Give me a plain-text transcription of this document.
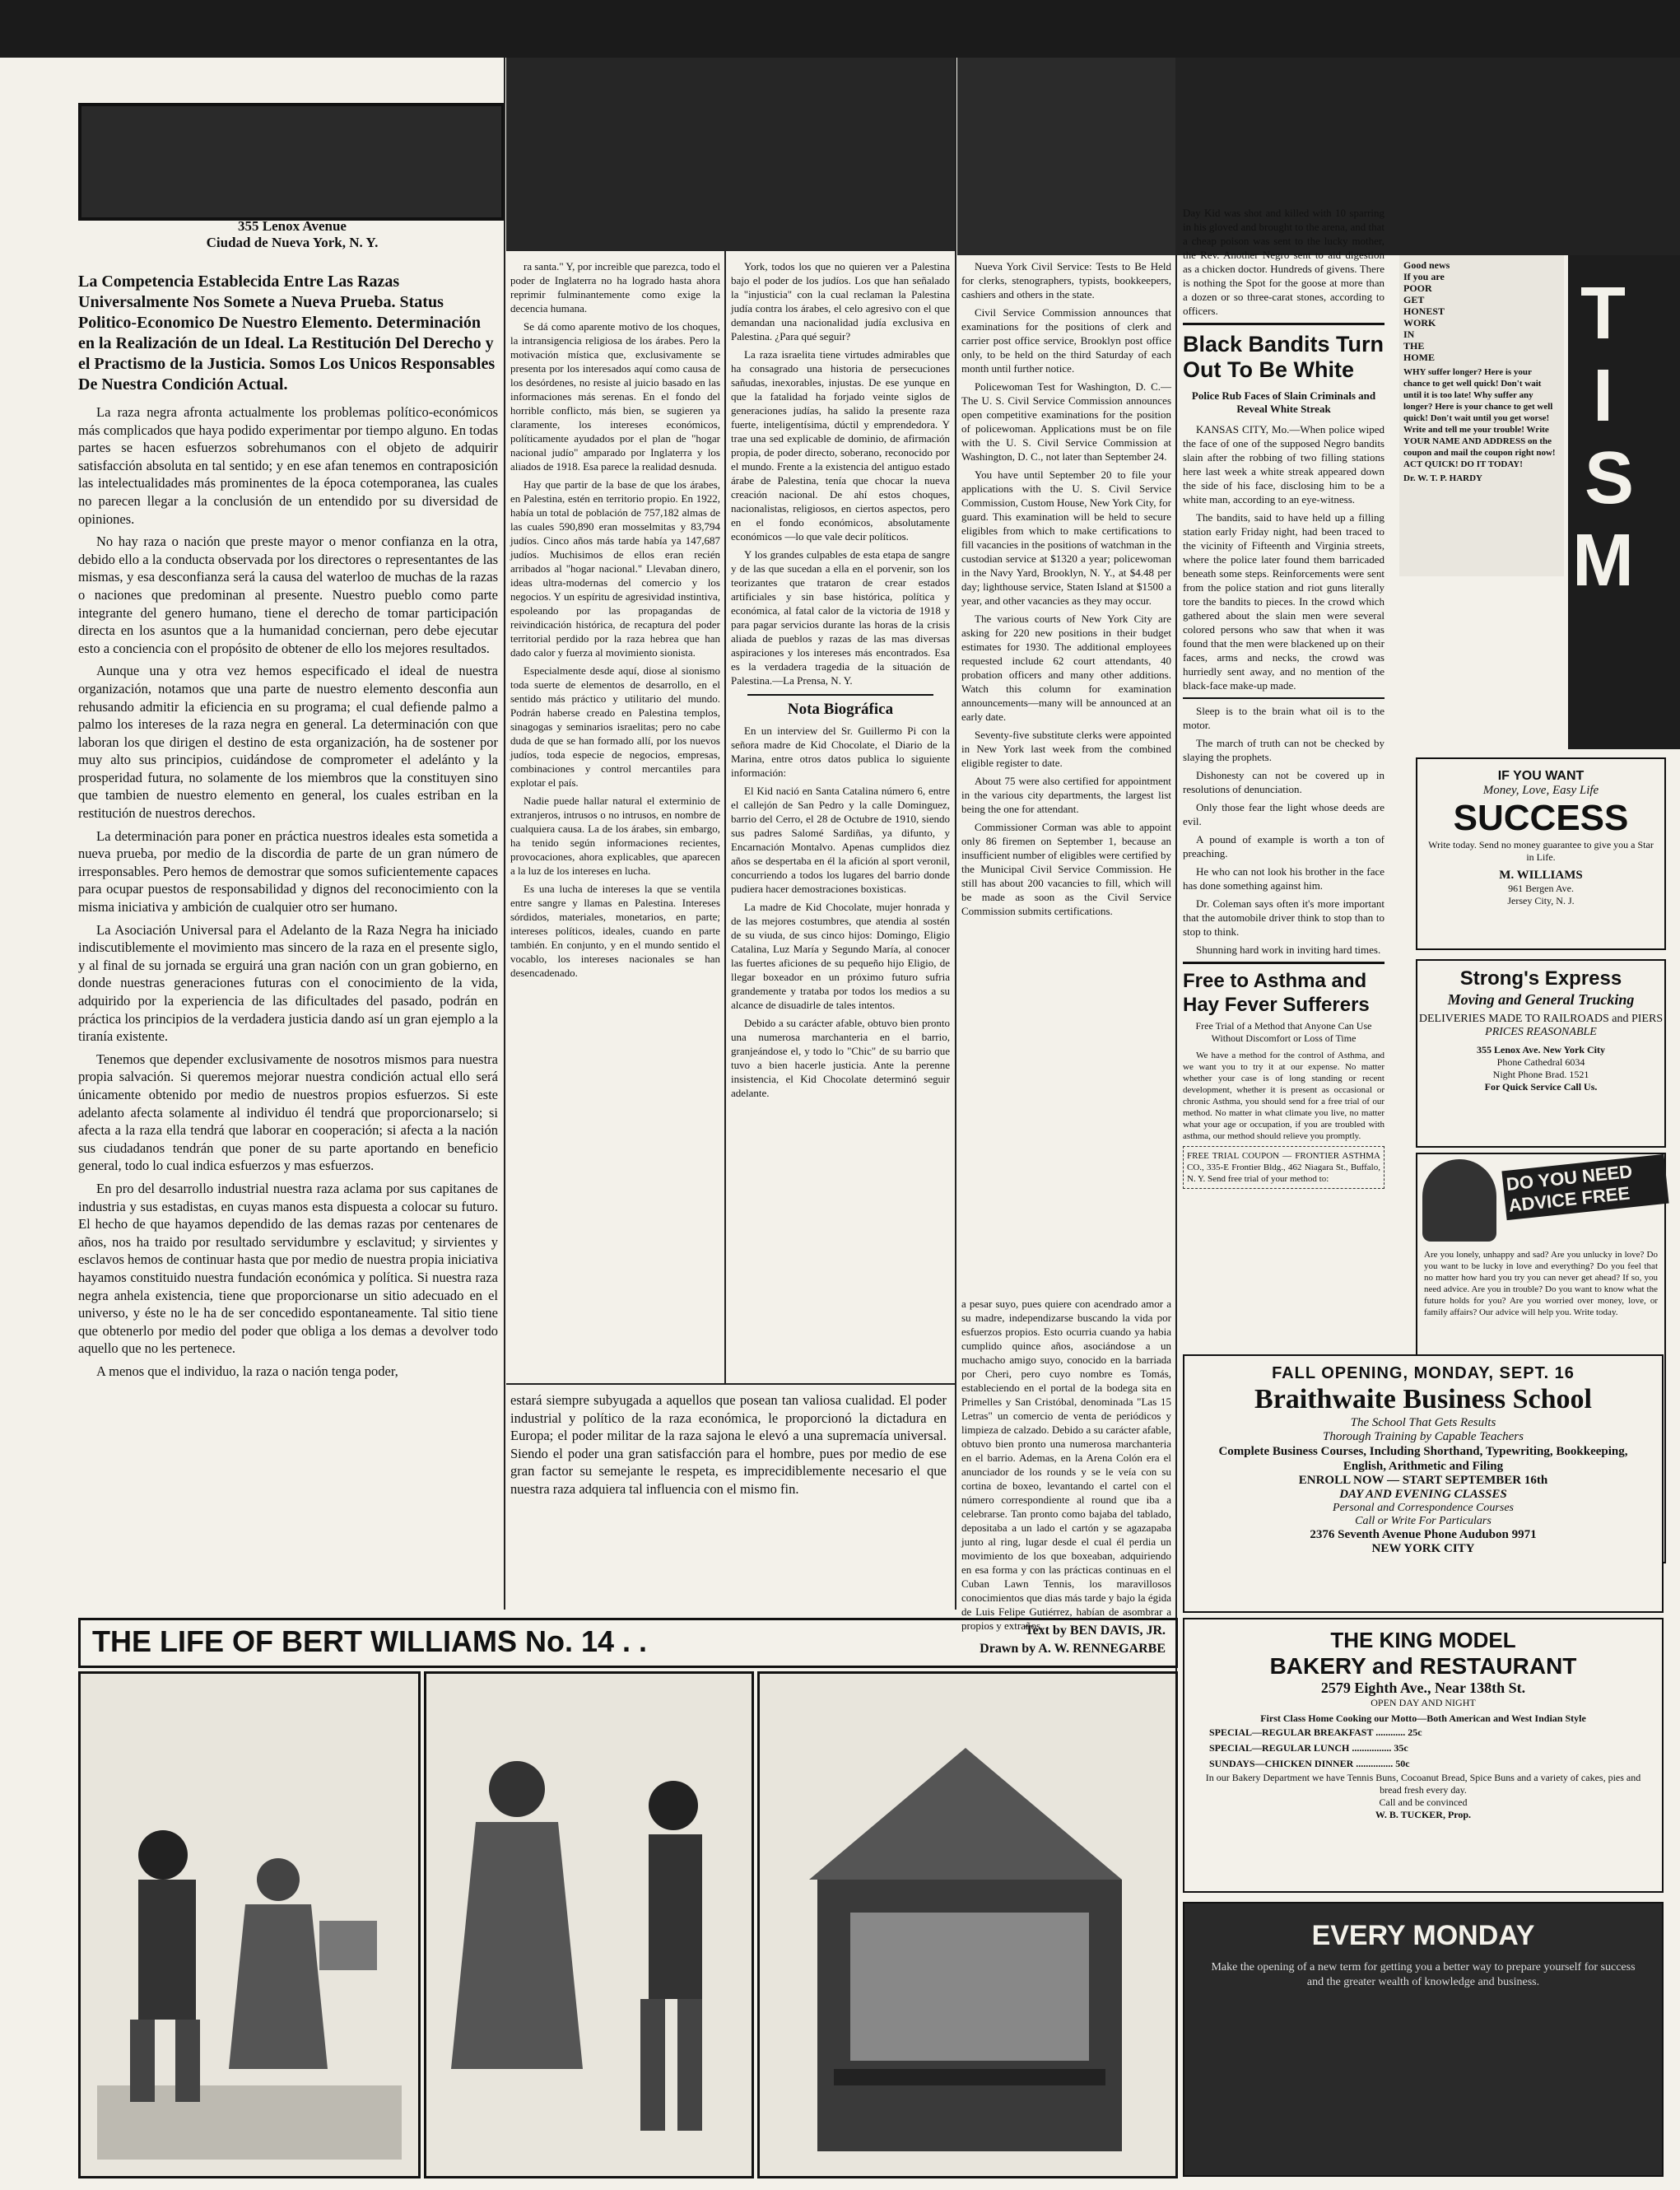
355 Lenox Avenue
Ciudad de Nueva York, N. Y.
La Competencia Establecida Entre Las Razas Universalmente Nos Somete a Nueva Prueba. Status Politico-Economico De Nuestro Elemento. Determinación en la Realización de un Ideal. La Restitución Del Derecho y el Practismo de la Justicia. Somos Los Unicos Responsables De Nuestra Condición Actual.

La raza negra afronta actualmente los problemas político-económicos más complicados que haya podido experimentar por tiempo alguno. En todas partes se hacen esfuerzos sobrehumanos con el objeto de adquirir satisfacción absoluta en tal sentido; y en ese afan tenemos en contraposición las intelectualidades más prominentes de la época cotemporanea, las cuales no parecen llegar a la conclusión de un entendido por su diversidad de opiniones.

No hay raza o nación que preste mayor o menor confianza en la otra, debido ello a la conducta observada por los directores o representantes de las mismas, y esa desconfianza será la causa del waterloo de muchas de la razas o naciones que predominan al presente. Nuestro pueblo como parte integrante del genero humano, tiene el derecho de tomar participación directa en los asuntos que a la humanidad conciernan, pero debe ejecutar esto a conciencia con el propósito de obtener de ello los mejores resultados.

Aunque una y otra vez hemos especificado el ideal de nuestra organización, notamos que una parte de nuestro elemento desconfia aun rehusando admitir la eficiencia en su programa; el cual defiende palmo a palmo los intereses de la raza negra en general. La determinación con que laboran los que dirigen el destino de esta organización, ha de sostener por muy alto sus principios, cuidándose de comprometer el adelánto y la prosperidad futura, no solamente de los miembros que la constituyen sino que tambien de nuestro elemento en general, los cuales estriban en la restitución de nuestros derechos.

La determinación para poner en práctica nuestros ideales esta sometida a nueva prueba, por medio de la discordia de parte de un gran número de irresponsables. Pero hemos de demostrar que somos suficientemente capaces para ocupar puestos de responsabilidad y dignos del reconocimiento con la misma iniciativa y ambición de cualquier otro ser humano.

La Asociación Universal para el Adelanto de la Raza Negra ha iniciado indiscutiblemente el movimiento mas sincero de la raza en el presente siglo, y al final de su jornada se erguirá una gran nación con un gran gobierno, en donde nuestras generaciones futuras con el conocimiento de la vida, adquirido por la experiencia de las dificultades del pasado, podrán en práctica los principios de la verdadera justicia dando así un gran ejemplo a la tiranía existente.

Tenemos que depender exclusivamente de nosotros mismos para nuestra propia salvación. Si queremos mejorar nuestra condición actual ello será únicamente obtenido por medio de nuestros propios esfuerzos. Si este adelanto afecta solamente al individuo él tendrá que proporcionarselo; si afecta a la raza ella tendrá que laborar en cooperación; si afecta a la nación sus ciudadanos tendrán que poner de su parte aportando en beneficio general, todo lo cual indica esfuerzos y mas esfuerzos.

En pro del desarrollo industrial nuestra raza aclama por sus capitanes de industria y sus estadistas, en cuyas manos esta dispuesta a colocar su futuro. El hecho de que hayamos dependido de las demas razas por centenares de años, nos ha traido por resultado servidumbre y esclavitud; y sirvientes y esclavos hemos de continuar hasta que por medio de nuestra propia iniciativa hayamos constituido nuestra fundación económica y política. Si nuestra raza negra anhela existencia, tiene que proporcionarse un sitio adecuado en el universo, y éste no le ha de ser concedido espontaneamente. Tal sitio tiene que obtenerlo por medio del poder que obliga a los demas a devolver todo aquello que no les pertenece.

A menos que el individuo, la raza o nación tenga poder,

ra santa." Y, por increible que parezca, todo el poder de Inglaterra no ha logrado hasta ahora reprimir fulminantemente como exige la decencia humana.

Se dá como aparente motivo de los choques, la intransigencia religiosa de los árabes. Pero la motivación mística que, exclusivamente se presenta por los interesados aquí como causa de los desórdenes, no resiste al juicio basado en las informaciones más serenas. En el fondo del horrible conflicto, más bien, se sugieren ya claramente, los intereses económicos, políticamente ayudados por el plan de "hogar nacional judío" amparado por Inglaterra y los aliados de 1918. Esa parece la realidad desnuda.

Hay que partir de la base de que los árabes, en Palestina, estén en territorio propio. En 1922, había un total de población de 757,182 almas de las cuales 590,890 eran mosselmitas y 83,794 judíos. Cinco años más tarde había ya 147,687 judíos. Muchisimos de ellos eran recién arribados al "hogar nacional." Llevaban dinero, ideas ultra-modernas del comercio y los negocios. Y un espíritu de agresividad instintiva, espoleando por las propagandas de reivindicación histórica, de recaptura del poder territorial perdido por la raza hebrea que han dado calor y fuerza al movimiento sionista.

Especialmente desde aquí, diose al sionismo toda suerte de elementos de desarrollo, en el sentido más práctico y utilitario del mundo. Podrán haberse creado en Palestina templos, sinagogas y seminarios israelitas; pero no cabe duda de que se han formado allí, por los nuevos judíos, toda especie de negocios, empresas, combinaciones y control mercantiles para explotar el país.

Nadie puede hallar natural el exterminio de extranjeros, intrusos o no intrusos, en nombre de cualquiera causa. La de los árabes, sin embargo, ha tenido según informaciones recientes, provocaciones, ahora explicables, que aparecen a la luz de los intereses en lucha.

Es una lucha de intereses la que se ventila entre sangre y llamas en Palestina. Intereses sórdidos, materiales, monetarios, en parte; intereses políticos, ideales, cuando en parte también. En conjunto, y en el mundo sentido el vocablo, los intereses nacionales se han desencadenado.

York, todos los que no quieren ver a Palestina bajo el poder de los judíos. Los que han señalado la "injusticia" con la cual reclaman la Palestina judía contra los árabes, el celo agresivo con el que demandan una nacionalidad judía exclusiva en Palestina. ¿Para qué seguir?

La raza israelita tiene virtudes admirables que ha consagrado una historia de persecuciones sañudas, inexorables, injustas. De ese yunque en que la fatalidad ha forjado veinte siglos de generaciones judías, ha salido la presente raza fuerte, inteligentísima, dúctil y emprendedora. Y trae una sed explicable de dominio, de afirmación propia, de poder directo, soberano, reconocido por el mundo. Frente a la existencia del antiguo estado árabe de Palestina, tenía que chocar la nueva creación nacional. De ahí estos choques, nacionalistas, religiosos, en ciertos aspectos, pero en el fondo económicos, absolutamente económicos —lo que vale decir políticos.

Y los grandes culpables de esta etapa de sangre y de las que sucedan a ella en el porvenir, son los teorizantes que trataron de crear estados artificiales y sin base histórica, política y económica, al fatal calor de la victoria de 1918 y para pagar servicios durante las horas de la crisis aliada de pueblos y razas de las mas diversas aspiraciones y los intereses más encontrados. Esa es la verdadera tragedia de la situación de Palestina.—La Prensa, N. Y.

Nota Biográfica

En un interview del Sr. Guillermo Pi con la señora madre de Kid Chocolate, el Diario de la Marina, entre otros datos publica lo siguiente información:

El Kid nació en Santa Catalina número 6, entre el callejón de San Pedro y la calle Dominguez, barrio del Cerro, el 28 de Octubre de 1910, siendo sus padres Salomé Sardiñas, ya difunto, y Encarnación Montalvo. Apenas cumplidos diez años se despertaba en él la afición al sport veronil, concurriendo a todos los lugares del barrio donde pudiera hacer demostraciones boxisticas.

La madre de Kid Chocolate, mujer honrada y de las mejores costumbres, que atendia al sostén de su viuda, de sus cinco hijos: Domingo, Eligio Catalina, Luz María y Segundo María, al conocer las fuertes aficiones de su pequeño hijo Eligio, de llegar boxeador en un próximo futuro sufria grandemente y trataba por todos los medios a su alcance de disuadirle de tales intentos.

Debido a su carácter afable, obtuvo bien pronto una numerosa marchanteria en el barrio, granjeándose el, y todo lo "Chic" de su barrio que tuvo a bien hacerle justicia. Ante la perenne insistencia, el Kid Chocolate determinó seguir adelante.

Nueva York Civil Service: Tests to Be Held for clerks, stenographers, typists, bookkeepers, cashiers and others in the state.

Civil Service Commission announces that examinations for the positions of clerk and carrier post office service, Brooklyn post office only, to be held on the third Saturday of each month until further notice.

Policewoman Test for Washington, D. C.—The U. S. Civil Service Commission announces open competitive examinations for the position of policewoman. Applications must be on file with the U. S. Civil Service Commission at Washington, D. C., not later than September 24.

You have until September 20 to file your applications with the U. S. Civil Service Commission, Custom House, New York City, for guard. This examination will be held to secure eligibles from which to make certifications to fill vacancies in the positions of watchman in the custodian service at $1320 a year; policewoman in the Navy Yard, Brooklyn, N. Y., at $4.48 per day; lighthouse service, Staten Island at $1500 a year, and other vacancies as they may occur.

The various courts of New York City are asking for 220 new positions in their budget estimates for 1930. The additional employees requested include 62 court attendants, 40 probation officers and many other additions. Watch this column for examination announcements—many will be announced at an early date.

Seventy-five substitute clerks were appointed in New York last week from the combined eligible register to date.

About 75 were also certified for appointment in the various city departments, the largest list being the one for attendant.

Commissioner Corman was able to appoint only 86 firemen on September 1, because an insufficient number of eligibles were certified by the Municipal Civil Service Commission. He still has about 200 vacancies to fill, which will be made as soon as the Civil Service Commission submits certifications.

estará siempre subyugada a aquellos que posean tan valiosa cualidad. El poder industrial y político de la raza económica, le proporcionó la dictadura en Europa; el poder militar de la raza sajona le elevó a una supremacía universal. Siendo el poder una gran satisfacción para el hombre, pues por medio de ese gran factor su semejante le respeta, es imprecidiblemente necesario el que nuestra raza adquiera tal influencia con el mismo fin.

a pesar suyo, pues quiere con acendrado amor a su madre, independizarse buscando la vida por esfuerzos propios. Esto ocurria cuando ya habia cumplido quince años, asociándose a un muchacho amigo suyo, conocido en la barriada por Cheri, pero cuyo nombre es Tomás, estableciendo en el portal de la bodega sita en Primelles y San Cristóbal, denominada "Las 15 Letras" un comercio de venta de periódicos y limpieza de calzado. Debido a su carácter afable, obtuvo bien pronto una numerosa marchanteria en el barrio. Ademas, en la Arena Colón era el anunciador de los rounds y se le veía con su cortina de boxeo, levantando el cartel con el número correspondiente al round que iba a celebrarse. Tan pronto como bajaba del tablado, depositaba a un lado el cartón y se agazapaba junto al ring, lugar desde el cual él perdia un movimiento de los que boxeaban, adquiriendo en esa forma y con las prácticas continuas en el Cuban Lawn Tennis, los maravillosos conocimientos que dias más tarde y bajo la égida de Luis Felipe Gutiérrez, habían de asombrar a propios y extraños.

Day Kid was shot and killed with 10 sparring in his gloved and brought to the arena, and that a cheap poison was sent to the lucky mother, the Rev. Another Negro sent to aid digestion as a chicken doctor. Hundreds of givens. There is nothing the Spot for the goose at more than a dozen or so three-carat stones, according to officers.

Black Bandits Turn Out To Be White
Police Rub Faces of Slain Criminals and Reveal White Streak

KANSAS CITY, Mo.—When police wiped the face of one of the supposed Negro bandits slain after the robbing of two filling stations here last week a white streak appeared down the side of his face, disclosing him to be a white man, according to an eye-witness.

The bandits, said to have held up a filling station early Friday night, had been traced to the vicinity of Fifteenth and Virginia streets, where the police later found them barricaded beneath some steps. Reinforcements were sent from the police station and riot guns literally tore the bandits to pieces. In the crowd which gathered about the slain men were several colored persons who saw that when it was found that the men were blackened up on their faces, arms and necks, the crowd was hurriedly sent away, and no mention of the black-face make-up made.

Sleep is to the brain what oil is to the motor.

The march of truth can not be checked by slaying the prophets.

Dishonesty can not be covered up in resolutions of denunciation.

Only those fear the light whose deeds are evil.

A pound of example is worth a ton of preaching.

He who can not look his brother in the face has done something against him.

Dr. Coleman says often it's more important that the automobile driver think to stop than to stop to think.

Shunning hard work in inviting hard times.

Free to Asthma and Hay Fever Sufferers
Free Trial of a Method that Anyone Can Use Without Discomfort or Loss of Time

We have a method for the control of Asthma, and we want you to try it at our expense. No matter whether your case is of long standing or recent development, whether it is present as occasional or chronic Asthma, you should send for a free trial of our method. No matter in what climate you live, no matter what your age or occupation, if you are troubled with asthma, our method should relieve you promptly.

FREE TRIAL COUPON — FRONTIER ASTHMA CO., 335-E Frontier Bldg., 462 Niagara St., Buffalo, N. Y. Send free trial of your method to:

Good news
If you are
POOR
GET
HONEST
WORK
IN
THE
HOME

WHY suffer longer? Here is your chance to get well quick! Don't wait until it is too late! Why suffer any longer? Here is your chance to get well quick! Don't wait until you get worse! Write and tell me your trouble! Write YOUR NAME AND ADDRESS on the coupon and mail the coupon right now! ACT QUICK! DO IT TODAY!

Dr. W. T. P. HARDY
T
I
S
M
IF YOU WANT
Money, Love, Easy Life
SUCCESS
Write today. Send no money guarantee to give you a Star in Life.
M. WILLIAMS
961 Bergen Ave.
Jersey City, N. J.
Strong's Express
Moving and General Trucking
DELIVERIES MADE TO RAILROADS and PIERS
PRICES REASONABLE
355 Lenox Ave. New York City
Phone Cathedral 6034
Night Phone Brad. 1521
For Quick Service Call Us.
DO YOU NEED ADVICE FREE
Are you lonely, unhappy and sad? Are you unlucky in love? Do you want to be lucky in love and everything? Do you feel that no matter how hard you try you can never get ahead? If so, you need advice. Are you in trouble? Do you want to know what the future holds for you? Are you worried over money, love, or family affairs? Our advice will help you. Write today.
FALL OPENING, MONDAY, SEPT. 16
Braithwaite Business School
The School That Gets Results
Thorough Training by Capable Teachers
Complete Business Courses, Including Shorthand, Typewriting, Bookkeeping, English, Arithmetic and Filing
ENROLL NOW — START SEPTEMBER 16th
DAY AND EVENING CLASSES
Personal and Correspondence Courses
Call or Write For Particulars
2376 Seventh Avenue Phone Audubon 9971
NEW YORK CITY
THE KING MODEL
BAKERY and RESTAURANT
2579 Eighth Ave., Near 138th St.
OPEN DAY AND NIGHT
First Class Home Cooking our Motto—Both American and West Indian Style
SPECIAL—REGULAR BREAKFAST ............ 25c
SPECIAL—REGULAR LUNCH ................ 35c
SUNDAYS—CHICKEN DINNER ............... 50c
In our Bakery Department we have Tennis Buns, Cocoanut Bread, Spice Buns and a variety of cakes, pies and bread fresh every day.
Call and be convinced
W. B. TUCKER, Prop.
EVERY MONDAY
Make the opening of a new term for getting you a better way to prepare yourself for success and the greater wealth of knowledge and business.
THE LIFE OF BERT WILLIAMS No. 14 . .	Text by BEN DAVIS, JR.
Drawn by A. W. RENNEGARBE
